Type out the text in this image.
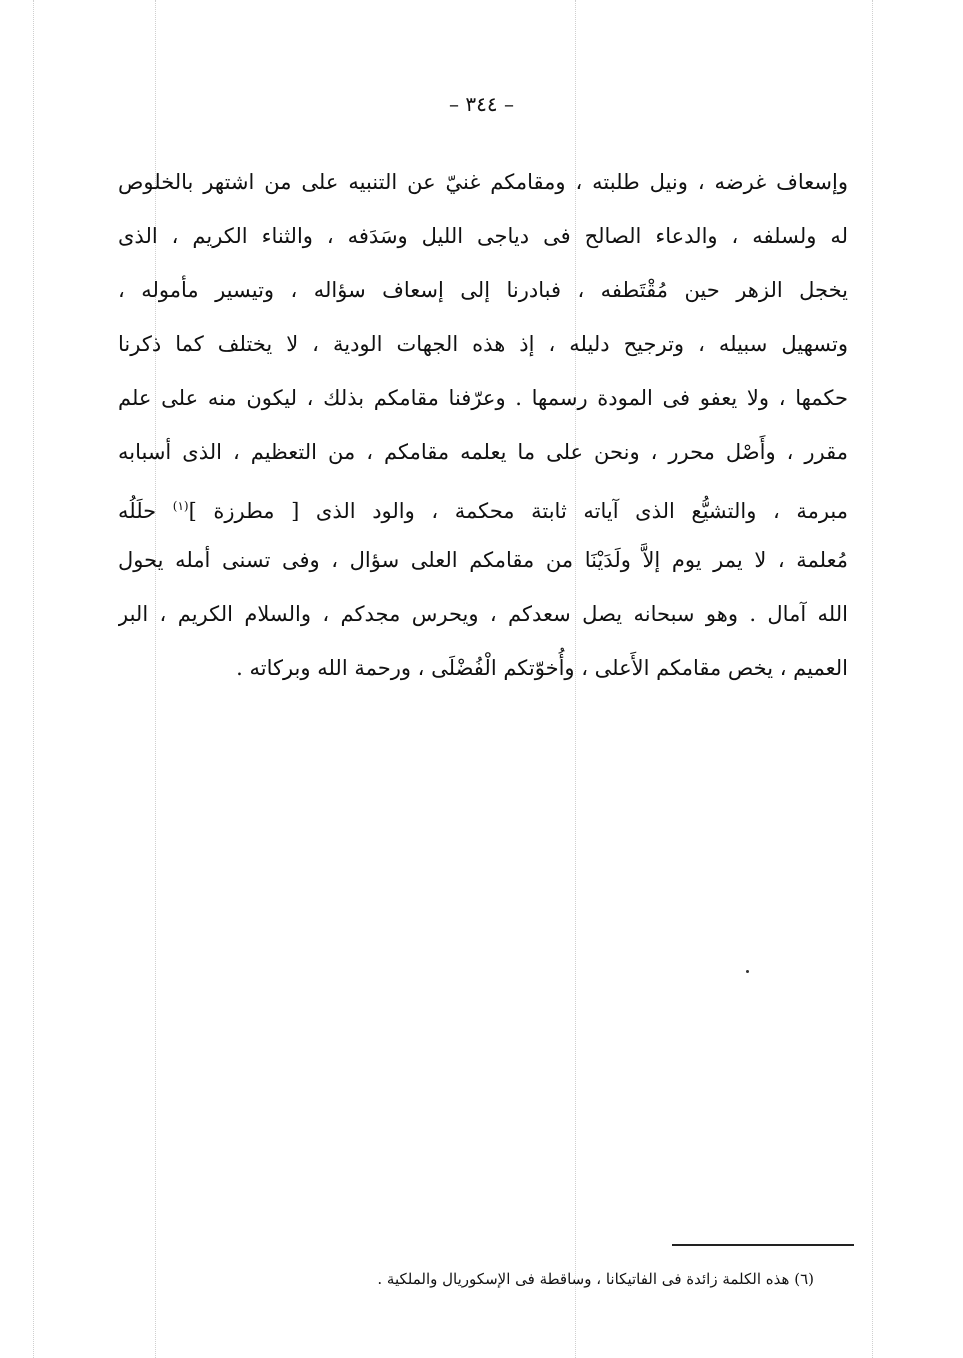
– ٣٤٤ –
وإسعاف غرضه ، ونيل طلبته ، ومقامكم غنيّ عن التنبيه على من اشتهر بالخلوص
له ولسلفه ، والدعاء الصالح فى دياجى الليل وسَدَفه ، والثناء الكريم ، الذى
يخجل الزهر حين مُقْتَطفه ، فبادرنا إلى إسعاف سؤاله ، وتيسير مأموله ،
وتسهيل سبيله ، وترجيح دليله ، إذ هذه الجهات الودية ، لا يختلف كما ذكرنا
حكمها ، ولا يعفو فى المودة رسمها . وعرّفنا مقامكم بذلك ، ليكون منه على علم
مقرر ، وأَصْل محرر ، ونحن على ما يعلمه مقامكم ، من التعظيم ، الذى أسبابه
مبرمة ، والتشيُّع الذى آياته ثابتة محكمة ، والود الذى [ مطرزة ]$^{(١)}$ حلَلُه
مُعلمة ، لا يمر يوم إلاَّ ولَدَيْنَا من مقامكم العلى سؤال ، وفى تسنى أمله يحول
الله آمال . وهو سبحانه يصل سعدكم ، ويحرس مجدكم ، والسلام الكريم ، البر
العميم ، يخص مقامكم الأَعلى ، وأُخوّتكم الْفُضْلَى ، ورحمة الله وبركاته .
(٦) هذه الكلمة زائدة فى الفاتيكانا ، وساقطة فى الإسكوريال والملكية .
